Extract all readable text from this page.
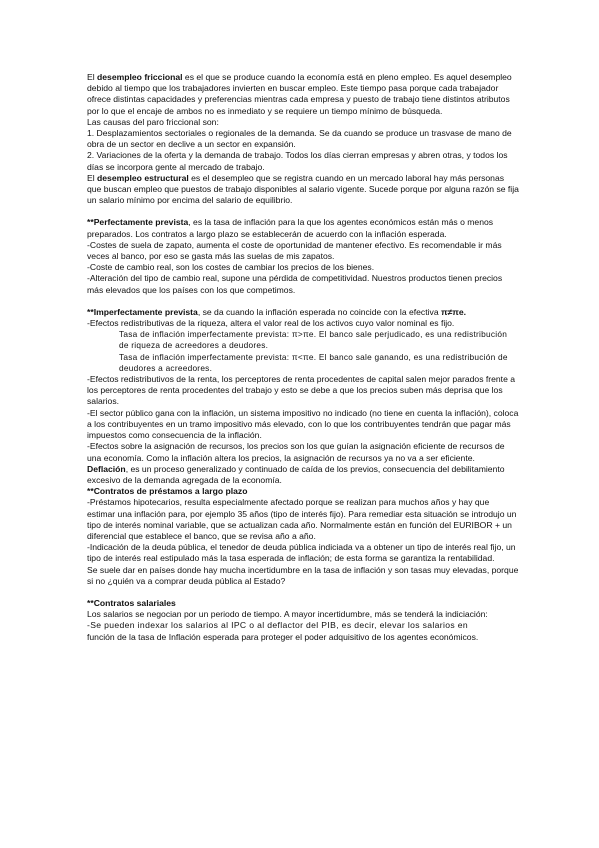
El desempleo friccional es el que se produce cuando la economía está en pleno empleo. Es aquel desempleo debido al tiempo que los trabajadores invierten en buscar empleo. Este tiempo pasa porque cada trabajador ofrece distintas capacidades y preferencias mientras cada empresa y puesto de trabajo tiene distintos atributos por lo que el encaje de ambos no es inmediato y se requiere un tiempo mínimo de búsqueda.

Las causas del paro friccional son:

1. Desplazamientos sectoriales o regionales de la demanda. Se da cuando se produce un trasvase de mano de obra de un sector en declive a un sector en expansión.

2. Variaciones de la oferta y la demanda de trabajo. Todos los días cierran empresas y abren otras, y todos los días se incorpora gente al mercado de trabajo.

El desempleo estructural es el desempleo que se registra cuando en un mercado laboral hay más personas que buscan empleo que puestos de trabajo disponibles al salario vigente. Sucede porque por alguna razón se fija un salario mínimo por encima del salario de equilibrio.

**Perfectamente prevista, es la tasa de inflación para la que los agentes económicos están más o menos preparados. Los contratos a largo plazo se establecerán de acuerdo con la inflación esperada.

-Costes de suela de zapato, aumenta el coste de oportunidad de mantener efectivo. Es recomendable ir más veces al banco, por eso se gasta más las suelas de mis zapatos.

-Coste de cambio real, son los costes de cambiar los precios de los bienes.

-Alteración del tipo de cambio real, supone una pérdida de competitividad. Nuestros productos tienen precios más elevados que los países con los que competimos.

**Imperfectamente prevista, se da cuando la inflación esperada no coincide con la efectiva π≠πe.

-Efectos redistributivas de la riqueza, altera el valor real de los activos cuyo valor nominal es fijo.

Tasa de inflación imperfectamente prevista: π>πe. El banco sale perjudicado, es una redistribución de riqueza de acreedores a deudores.

Tasa de inflación imperfectamente prevista: π<πe. El banco sale ganando, es una redistribución de deudores a acreedores.

-Efectos redistributivos de la renta, los perceptores de renta procedentes de capital salen mejor parados frente a los perceptores de renta procedentes del trabajo y esto se debe a que los precios suben más deprisa que los salarios.

-El sector público gana con la inflación, un sistema impositivo no indicado (no tiene en cuenta la inflación), coloca a los contribuyentes en un tramo impositivo más elevado, con lo que los contribuyentes tendrán que pagar más impuestos como consecuencia de la inflación.

-Efectos sobre la asignación de recursos, los precios son los que guían la asignación eficiente de recursos de una economía. Como la inflación altera los precios, la asignación de recursos ya no va a ser eficiente.

Deflación, es un proceso generalizado y continuado de caída de los previos, consecuencia del debilitamiento excesivo de la demanda agregada de la economía.

**Contratos de préstamos a largo plazo

-Préstamos hipotecarios, resulta especialmente afectado porque se realizan para muchos años y hay que estimar una inflación para, por ejemplo 35 años (tipo de interés fijo). Para remediar esta situación se introdujo un tipo de interés nominal variable, que se actualizan cada año. Normalmente están en función del EURIBOR + un diferencial que establece el banco, que se revisa año a año.

-Indicación de la deuda pública, el tenedor de deuda pública indiciada va a obtener un tipo de interés real fijo, un tipo de interés real estipulado más la tasa esperada de inflación; de esta forma se garantiza la rentabilidad.

Se suele dar en países donde hay mucha incertidumbre en la tasa de inflación y son tasas muy elevadas, porque si no ¿quién va a comprar deuda pública al Estado?

**Contratos salariales

Los salarios se negocian por un periodo de tiempo. A mayor incertidumbre, más se tenderá la indiciación:

-Se pueden indexar los salarios al IPC o al deflactor del PIB, es decir, elevar los salarios en

función de la tasa de Inflación esperada para proteger el poder adquisitivo de los agentes económicos.
